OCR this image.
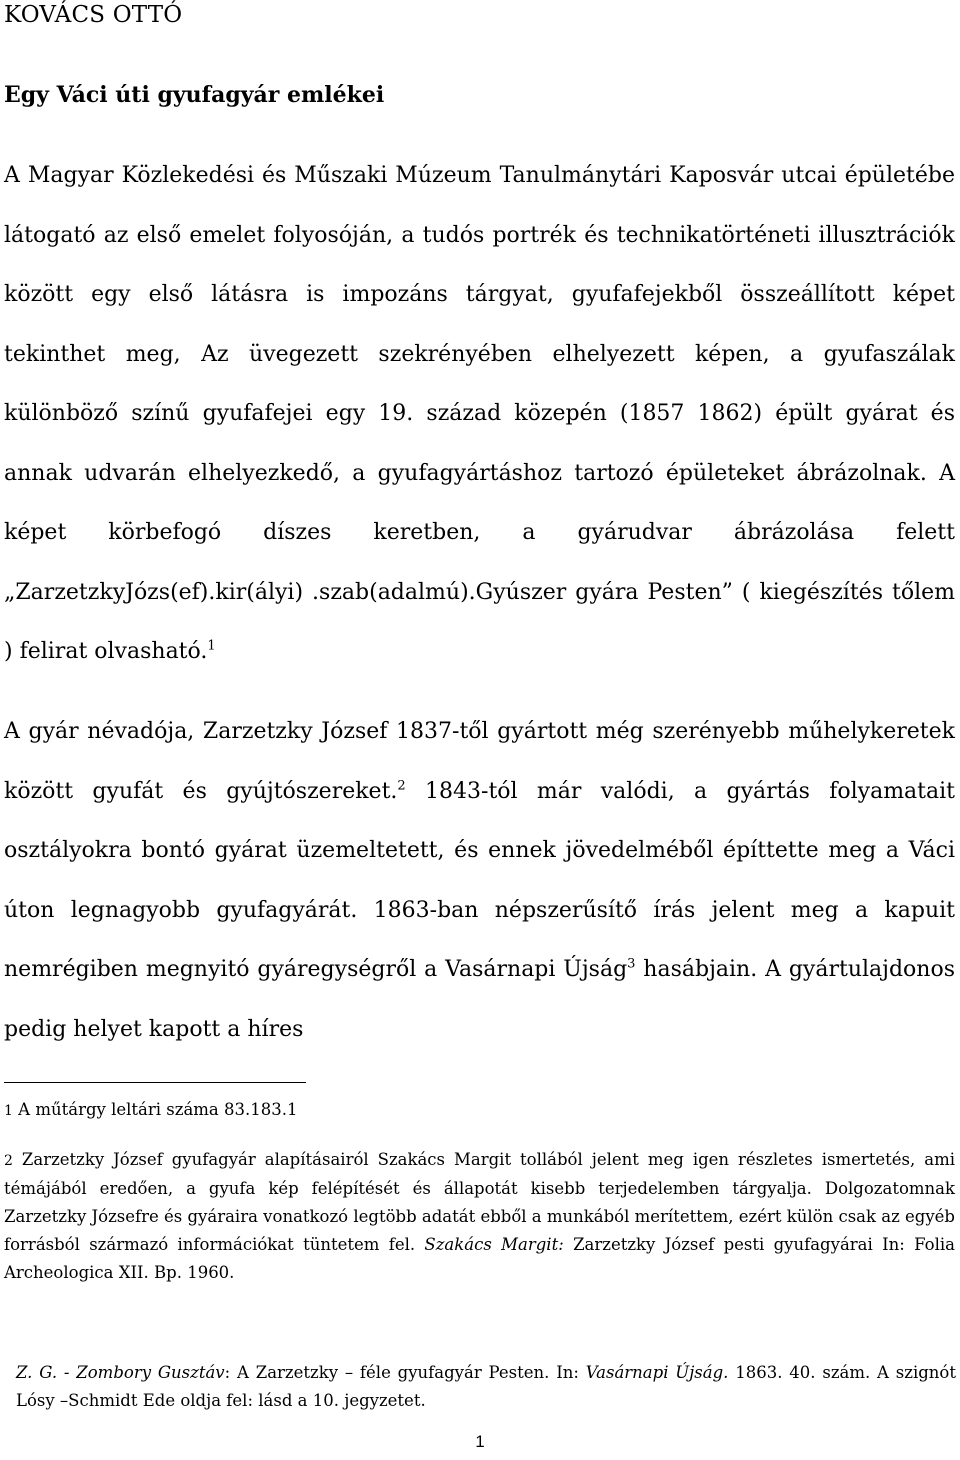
KOVÁCS OTTÓ
Egy Váci úti gyufagyár emlékei
A Magyar Közlekedési és Műszaki Múzeum Tanulmánytári Kaposvár utcai épületébe látogató az első emelet folyosóján, a tudós portrék és technikatörténeti illusztrációk között egy első látásra is impozáns tárgyat, gyufafejekből összeállított képet tekinthet meg, Az üvegezett szekrényében elhelyezett képen, a gyufaszálak különböző színű gyufafejei egy 19. század közepén (1857 1862) épült gyárat és annak udvarán elhelyezkedő, a gyufagyártáshoz tartozó épületeket ábrázolnak. A képet körbefogó díszes keretben, a gyárudvar ábrázolása felett „ZarzetzkyJózs(ef).kir(ályi) .szab(adalmú).Gyúszer gyára Pesten” ( kiegészítés tőlem ) felirat olvasható.$^1$
A gyár névadója, Zarzetzky József 1837-től gyártott még szerényebb műhelykeretek között gyufát és gyújtószereket.$^2$ 1843-tól már valódi, a gyártás folyamatait osztályokra bontó gyárat üzemeltetett, és ennek jövedelméből építtette meg a Váci úton legnagyobb gyufagyárát. 1863-ban népszerűsítő írás jelent meg a kapuit nemrégiben megnyitó gyáregységről a Vasárnapi Újság$^3$ hasábjain. A gyártulajdonos pedig helyet kapott a híres
1 A műtárgy leltári száma 83.183.1
2 Zarzetzky József gyufagyár alapításairól Szakács Margit tollából jelent meg igen részletes ismertetés, ami témájából eredően, a gyufa kép felépítését és állapotát kisebb terjedelemben tárgyalja. Dolgozatomnak Zarzetzky Józsefre és gyáraira vonatkozó legtöbb adatát ebből a munkából merítettem, ezért külön csak az egyéb forrásból származó információkat tüntetem fel. Szakács Margit: Zarzetzky József pesti gyufagyárai In: Folia Archeologica XII. Bp. 1960.
Z. G. - Zombory Gusztáv: A Zarzetzky – féle gyufagyár Pesten. In: Vasárnapi Újság. 1863. 40. szám. A szignót Lósy –Schmidt Ede oldja fel: lásd a 10. jegyzetet.
1
